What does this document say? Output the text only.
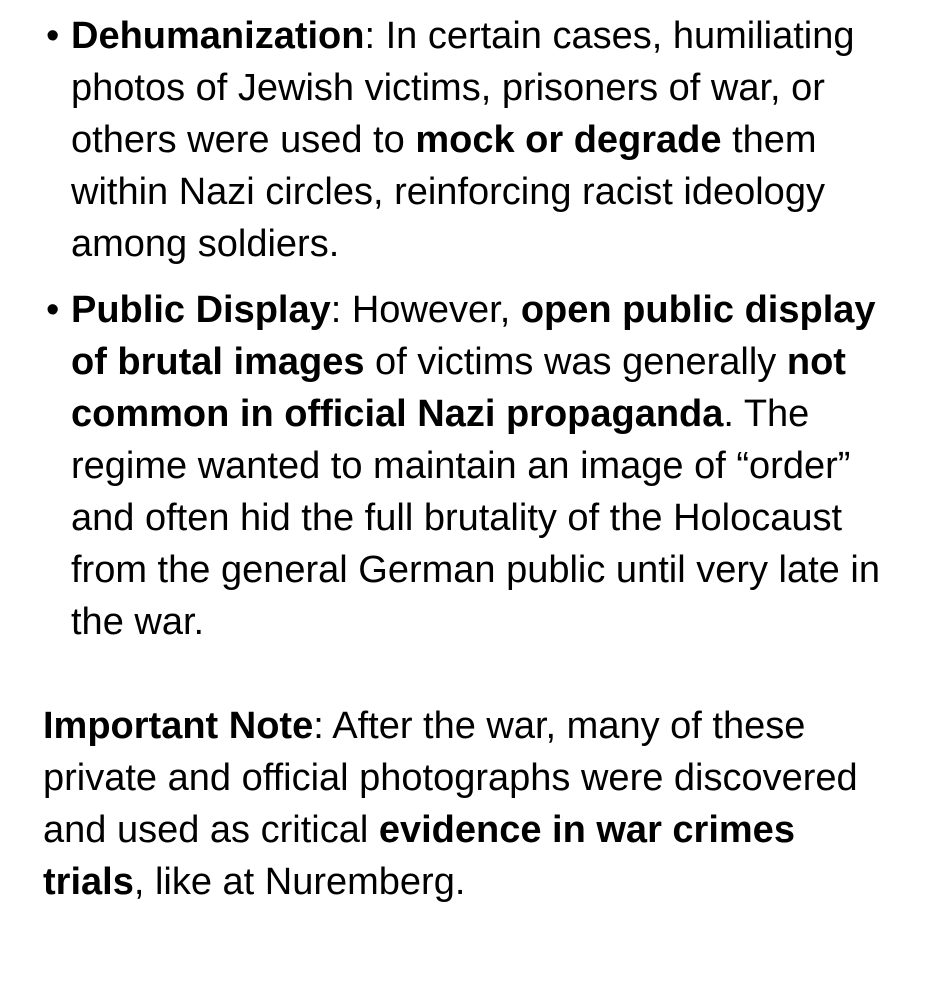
• Dehumanization: In certain cases, humiliating photos of Jewish victims, prisoners of war, or others were used to mock or degrade them within Nazi circles, reinforcing racist ideology among soldiers.
• Public Display: However, open public display of brutal images of victims was generally not common in official Nazi propaganda. The regime wanted to maintain an image of “order” and often hid the full brutality of the Holocaust from the general German public until very late in the war.

Important Note: After the war, many of these private and official photographs were discovered and used as critical evidence in war crimes trials, like at Nuremberg.
